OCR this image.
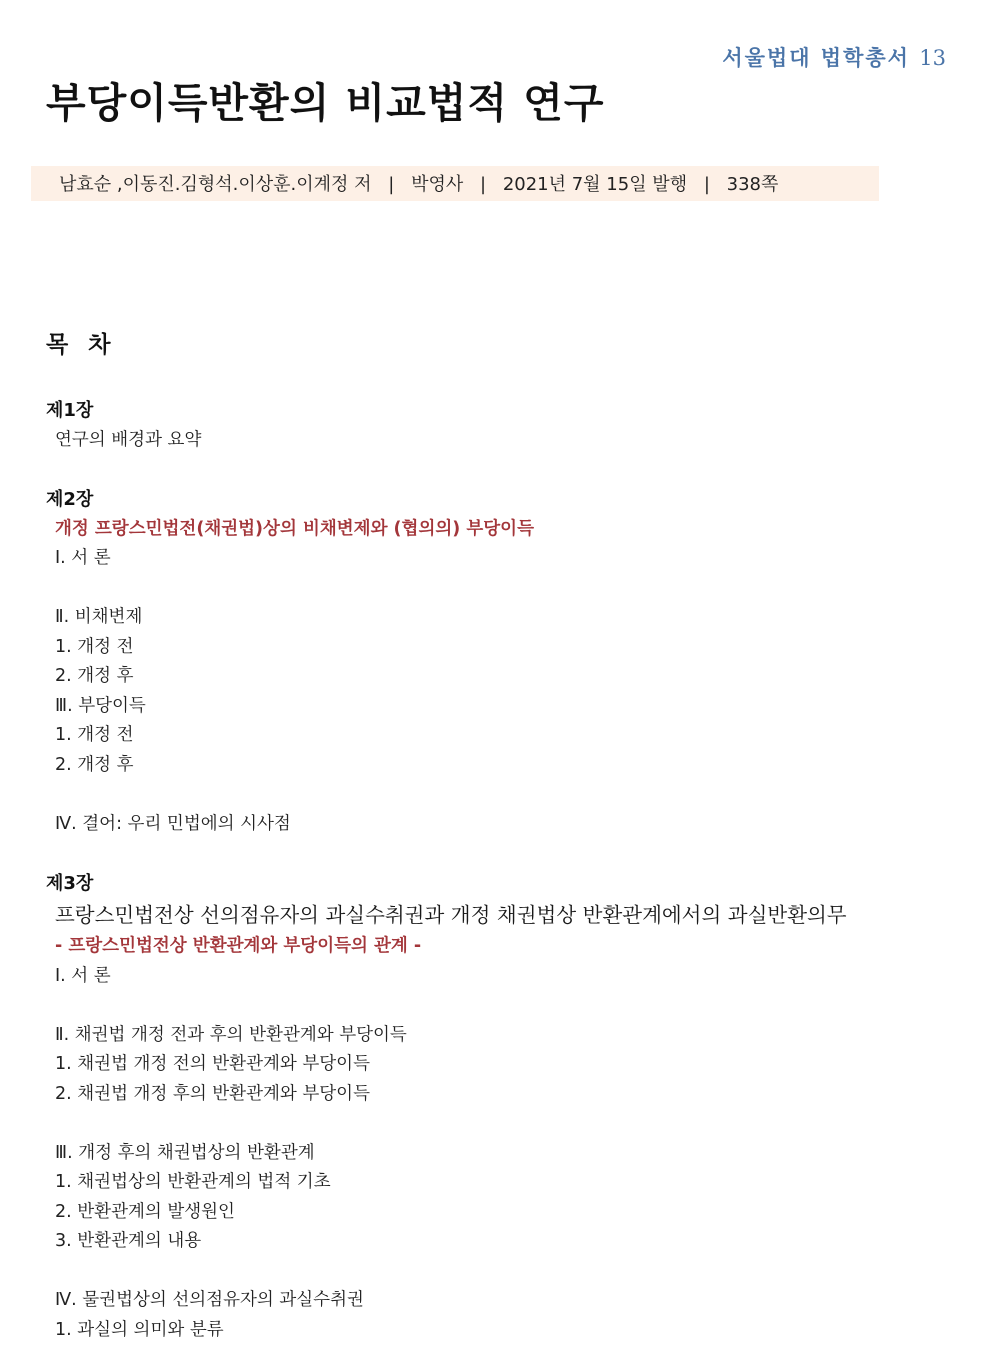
서울법대 법학총서 13
부당이득반환의 비교법적 연구
남효순 ,이동진.김형석.이상훈.이계정 저 | 박영사 | 2021년 7월 15일 발행 | 338쪽
목 차
제1장
연구의 배경과 요약
제2장
개정 프랑스민법전(채권법)상의 비채변제와 (협의의) 부당이득
Ⅰ. 서 론
Ⅱ. 비채변제
1. 개정 전
2. 개정 후
Ⅲ. 부당이득
1. 개정 전
2. 개정 후
Ⅳ. 결어: 우리 민법에의 시사점
제3장
프랑스민법전상 선의점유자의 과실수취권과 개정 채권법상 반환관계에서의 과실반환의무
- 프랑스민법전상 반환관계와 부당이득의 관계 -
Ⅰ. 서 론
Ⅱ. 채권법 개정 전과 후의 반환관계와 부당이득
1. 채권법 개정 전의 반환관계와 부당이득
2. 채권법 개정 후의 반환관계와 부당이득
Ⅲ. 개정 후의 채권법상의 반환관계
1. 채권법상의 반환관계의 법적 기초
2. 반환관계의 발생원인
3. 반환관계의 내용
Ⅳ. 물권법상의 선의점유자의 과실수취권
1. 과실의 의미와 분류
